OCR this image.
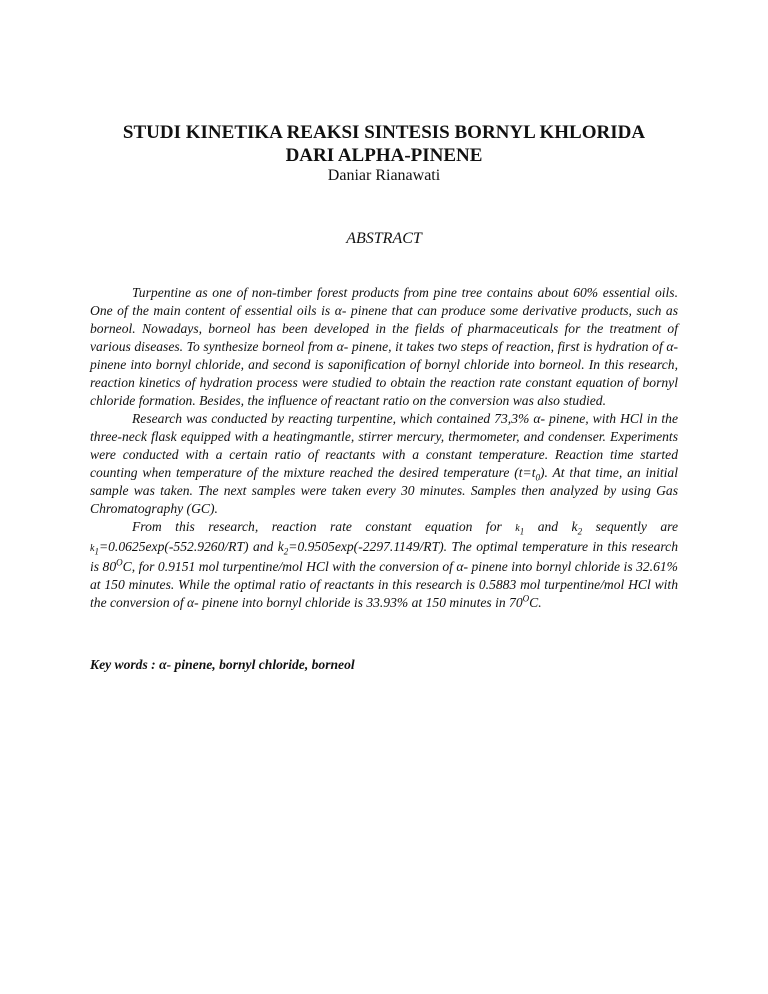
STUDI KINETIKA REAKSI SINTESIS BORNYL KHLORIDA
DARI ALPHA-PINENE

Daniar Rianawati

ABSTRACT

Turpentine as one of non-timber forest products from pine tree contains about 60% essential oils. One of the main content of essential oils is α- pinene that can produce some derivative products, such as borneol. Nowadays, borneol has been developed in the fields of pharmaceuticals for the treatment of various diseases. To synthesize borneol from α- pinene, it takes two steps of reaction, first is hydration of α- pinene into bornyl chloride, and second is saponification of bornyl chloride into borneol. In this research, reaction kinetics of hydration process were studied to obtain the reaction rate constant equation of bornyl chloride formation. Besides, the influence of reactant ratio on the conversion was also studied.

Research was conducted by reacting turpentine, which contained 73,3% α- pinene, with HCl in the three-neck flask equipped with a heatingmantle, stirrer mercury, thermometer, and condenser. Experiments were conducted with a certain ratio of reactants with a constant temperature. Reaction time started counting when temperature of the mixture reached the desired temperature $(t=t_0)$. At that time, an initial sample was taken. The next samples were taken every 30 minutes. Samples then analyzed by using Gas Chromatography (GC).

From this research, reaction rate constant equation for $k_1$ and $k_2$ sequently are $k_1=0.0625\exp(-552.9260/RT)$ and $k_2=0.9505\exp(-2297.1149/RT)$. The optimal temperature in this research is $80^OC$, for 0.9151 mol turpentine/mol HCl with the conversion of α- pinene into bornyl chloride is 32.61% at 150 minutes. While the optimal ratio of reactants in this research is 0.5883 mol turpentine/mol HCl with the conversion of α- pinene into bornyl chloride is 33.93% at 150 minutes in $70^OC$.

Key words : α- pinene, bornyl chloride, borneol
